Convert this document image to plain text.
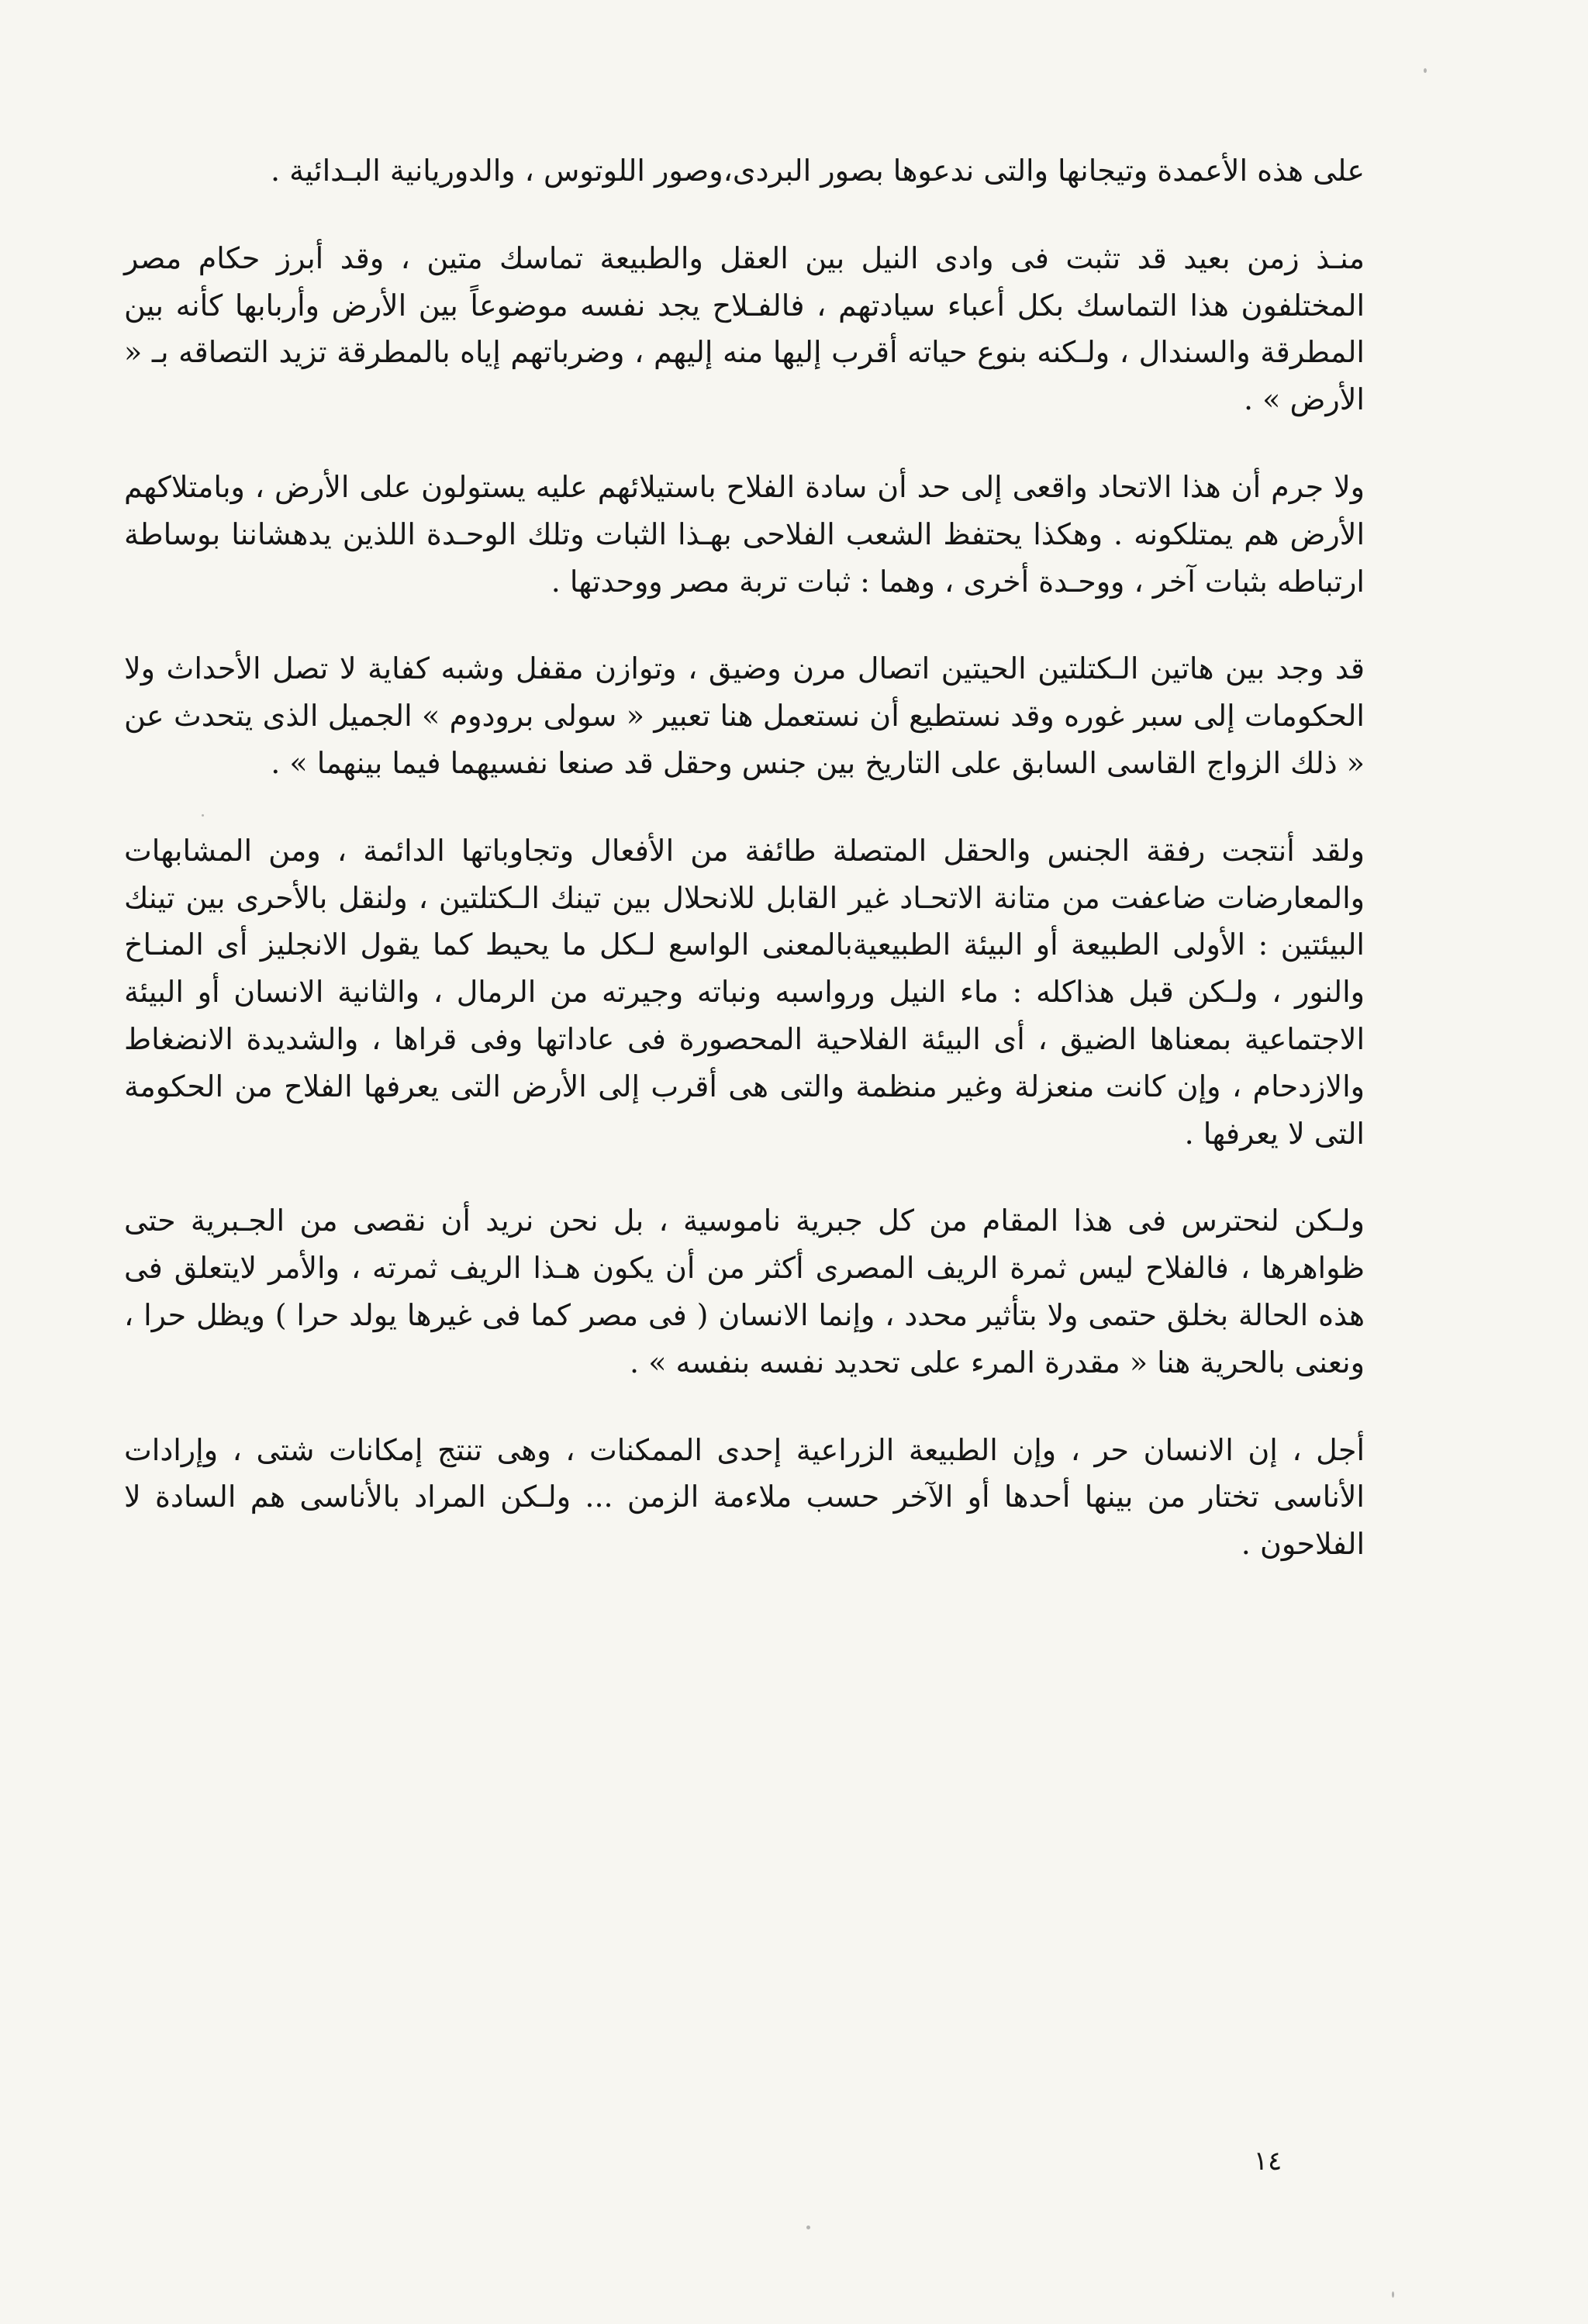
على هذه الأعمدة وتيجانها والتى ندعوها بصور البردى،وصور اللوتوس ، والدوريانية البـدائية .

منـذ زمن بعيد قد تثبت فى وادى النيل بين العقل والطبيعة تماسك متين ، وقد أبرز حكام مصر المختلفون هذا التماسك بكل أعباء سيادتهم ، فالفـلاح يجد نفسه موضوعاً بين الأرض وأربابها كأنه بين المطرقة والسندال ، ولـكنه بنوع حياته أقرب إليها منه إليهم ، وضرباتهم إياه بالمطرقة تزيد التصاقه بـ « الأرض » .

ولا جرم أن هذا الاتحاد واقعى إلى حد أن سادة الفلاح باستيلائهم عليه يستولون على الأرض ، وبامتلاكهم الأرض هم يمتلكونه . وهكذا يحتفظ الشعب الفلاحى بهـذا الثبات وتلك الوحـدة اللذين يدهشاننا بوساطة ارتباطه بثبات آخر ، ووحـدة أخرى ، وهما : ثبات تربة مصر ووحدتها .

قد وجد بين هاتين الـكتلتين الحيتين اتصال مرن وضيق ، وتوازن مقفل وشبه كفاية لا تصل الأحداث ولا الحكومات إلى سبر غوره وقد نستطيع أن نستعمل هنا تعبير « سولى برودوم » الجميل الذى يتحدث عن « ذلك الزواج القاسى السابق على التاريخ بين جنس وحقل قد صنعا نفسيهما فيما بينهما » .

ولقد أنتجت رفقة الجنس والحقل المتصلة طائفة من الأفعال وتجاوباتها الدائمة ، ومن المشابهات والمعارضات ضاعفت من متانة الاتحـاد غير القابل للانحلال بين تينك الـكتلتين ، ولنقل بالأحرى بين تينك البيئتين : الأولى الطبيعة أو البيئة الطبيعيةبالمعنى الواسع لـكل ما يحيط كما يقول الانجليز أى المنـاخ والنور ، ولـكن قبل هذاكله : ماء النيل ورواسبه ونباته وجيرته من الرمال ، والثانية الانسان أو البيئة الاجتماعية بمعناها الضيق ، أى البيئة الفلاحية المحصورة فى عاداتها وفى قراها ، والشديدة الانضغاط والازدحام ، وإن كانت منعزلة وغير منظمة والتى هى أقرب إلى الأرض التى يعرفها الفلاح من الحكومة التى لا يعرفها .

ولـكن لنحترس فى هذا المقام من كل جبرية ناموسية ، بل نحن نريد أن نقصى من الجـبرية حتى ظواهرها ، فالفلاح ليس ثمرة الريف المصرى أكثر من أن يكون هـذا الريف ثمرته ، والأمر لايتعلق فى هذه الحالة بخلق حتمى ولا بتأثير محدد ، وإنما الانسان ( فى مصر كما فى غيرها يولد حرا ) ويظل حرا ، ونعنى بالحرية هنا « مقدرة المرء على تحديد نفسه بنفسه » .

أجل ، إن الانسان حر ، وإن الطبيعة الزراعية إحدى الممكنات ، وهى تنتج إمكانات شتى ، وإرادات الأناسى تختار من بينها أحدها أو الآخر حسب ملاءمة الزمن ... ولـكن المراد بالأناسى هم السادة لا الفلاحون .

١٤
